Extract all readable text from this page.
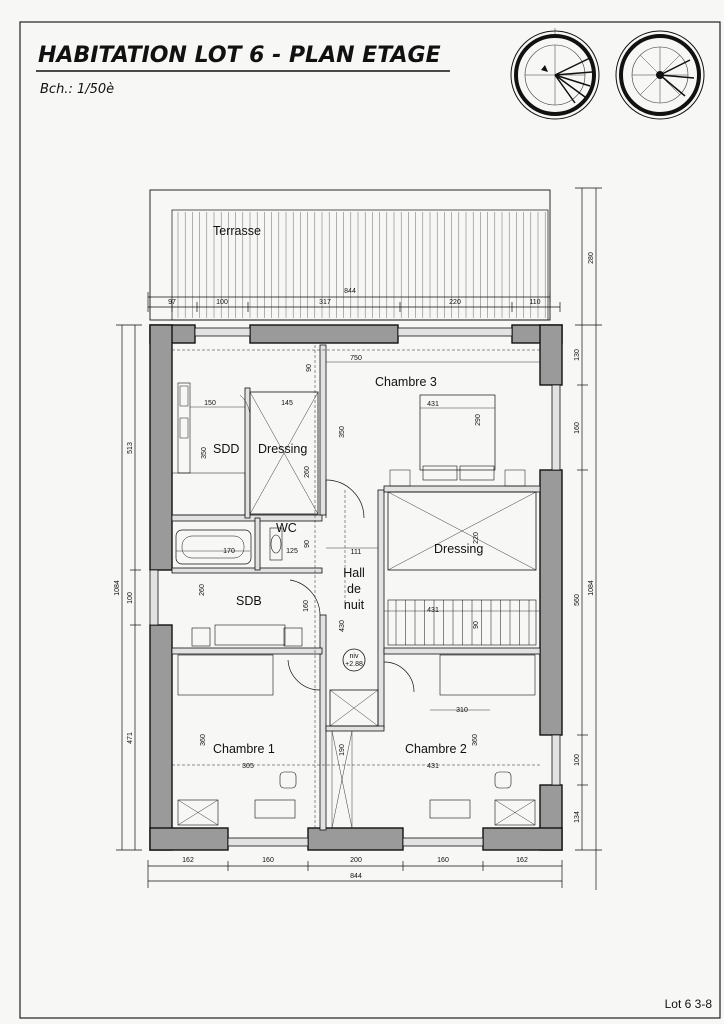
HABITATION LOT 6 - PLAN ETAGE
Bch.: 1/50è
Terrasse
844
97	100	317	220	110
Chambre 3
SDD Dressing
WC
Dressing
Hall
de
nuit
SDB
Chambre 1	Chambre 2
niv
+2.88
750
431
290
350
90
150	145
350
260
170	125
90
111
220
260
160	431
90
430
310
360
190
360
305	431
280
130
160
560
1084
100
134
513
1084
100
471
162	160	200	160	162
844
Lot 6 3-8
